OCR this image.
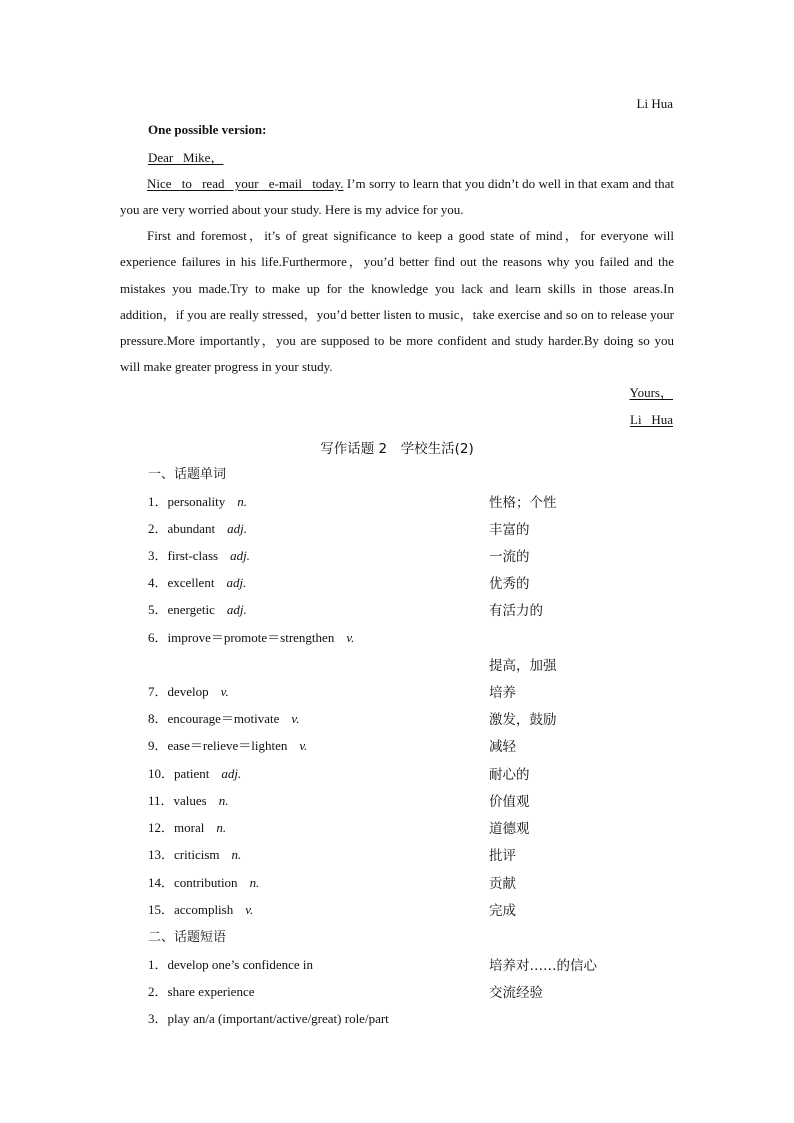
Li Hua
One possible version:
Dear   Mike，

Nice   to   read   your   e-mail   today. I’m sorry to learn that you didn’t do well in that exam and that you are very worried about your study. Here is my advice for you.

First and foremost，it’s of great significance to keep a good state of mind，for everyone will experience failures in his life.Furthermore，you’d better find out the reasons why you failed and the mistakes you made.Try to make up for the knowledge you lack and learn skills in those areas.In addition，if you are really stressed，you’d better listen to music，take exercise and so on to release your pressure.More importantly，you are supposed to be more confident and study harder.By doing so you will make greater progress in your study.

Yours，
Li   Hua
写作话题 2　学校生活(2)
一、话题单词
1．personality n.	性格；个性
2．abundant adj.	丰富的
3．first-class adj.	一流的
4．excellent adj.	优秀的
5．energetic adj.	有活力的
6．improve＝promote＝strengthen v.
提高，加强
7．develop v.	培养
8．encourage＝motivate v.	激发，鼓励
9．ease＝relieve＝lighten v.	减轻
10．patient adj.	耐心的
11．values n.	价值观
12．moral n.	道德观
13．criticism n.	批评
14．contribution n.	贡献
15．accomplish v.	完成
二、话题短语
1．develop one’s confidence in	培养对……的信心
2．share experience	交流经验
3．play an/a (important/active/great) role/part
